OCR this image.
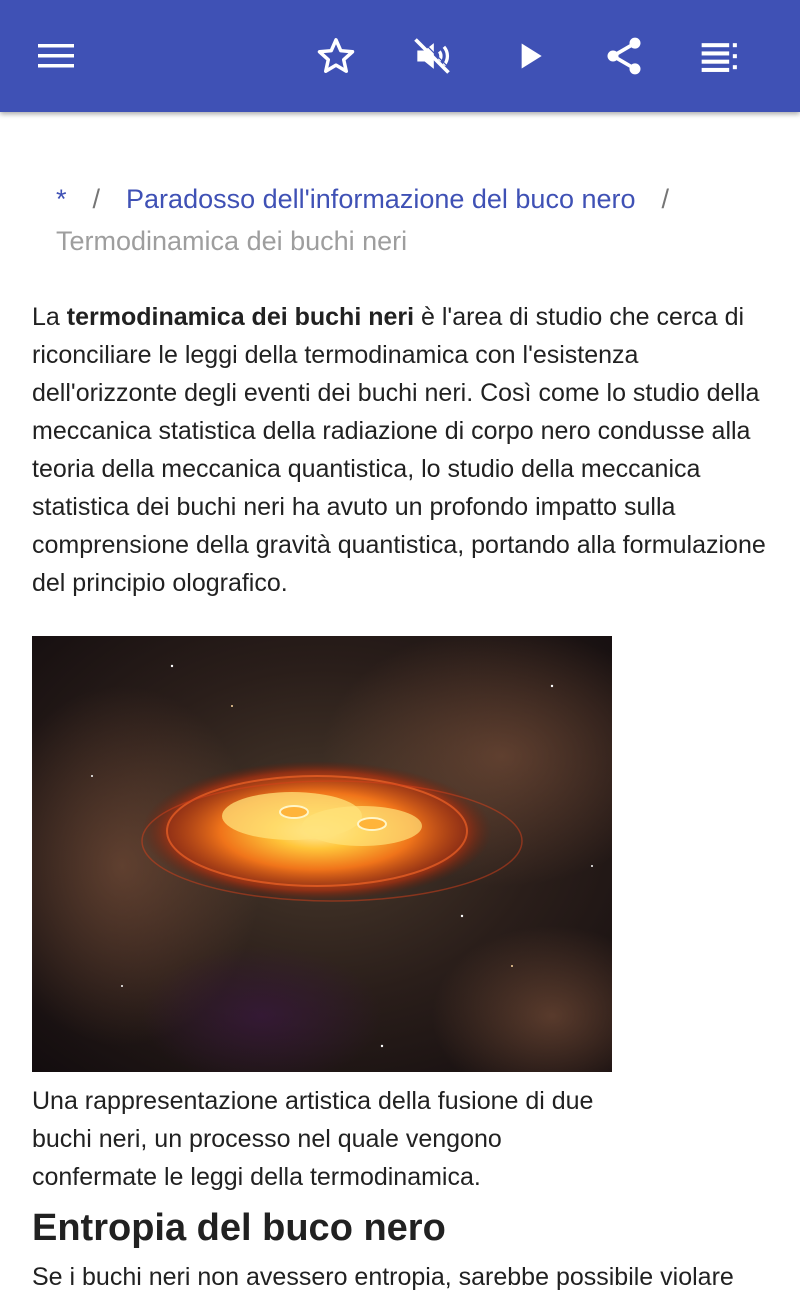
* / Paradosso dell'informazione del buco nero /
Termodinamica dei buchi neri

La termodinamica dei buchi neri è l'area di studio che cerca di riconciliare le leggi della termodinamica con l'esistenza dell'orizzonte degli eventi dei buchi neri. Così come lo studio della meccanica statistica della radiazione di corpo nero condusse alla teoria della meccanica quantistica, lo studio della meccanica statistica dei buchi neri ha avuto un profondo impatto sulla comprensione della gravità quantistica, portando alla formulazione del principio olografico.

Una rappresentazione artistica della fusione di due buchi neri, un processo nel quale vengono confermate le leggi della termodinamica.

Entropia del buco nero

Se i buchi neri non avessero entropia, sarebbe possibile violare
